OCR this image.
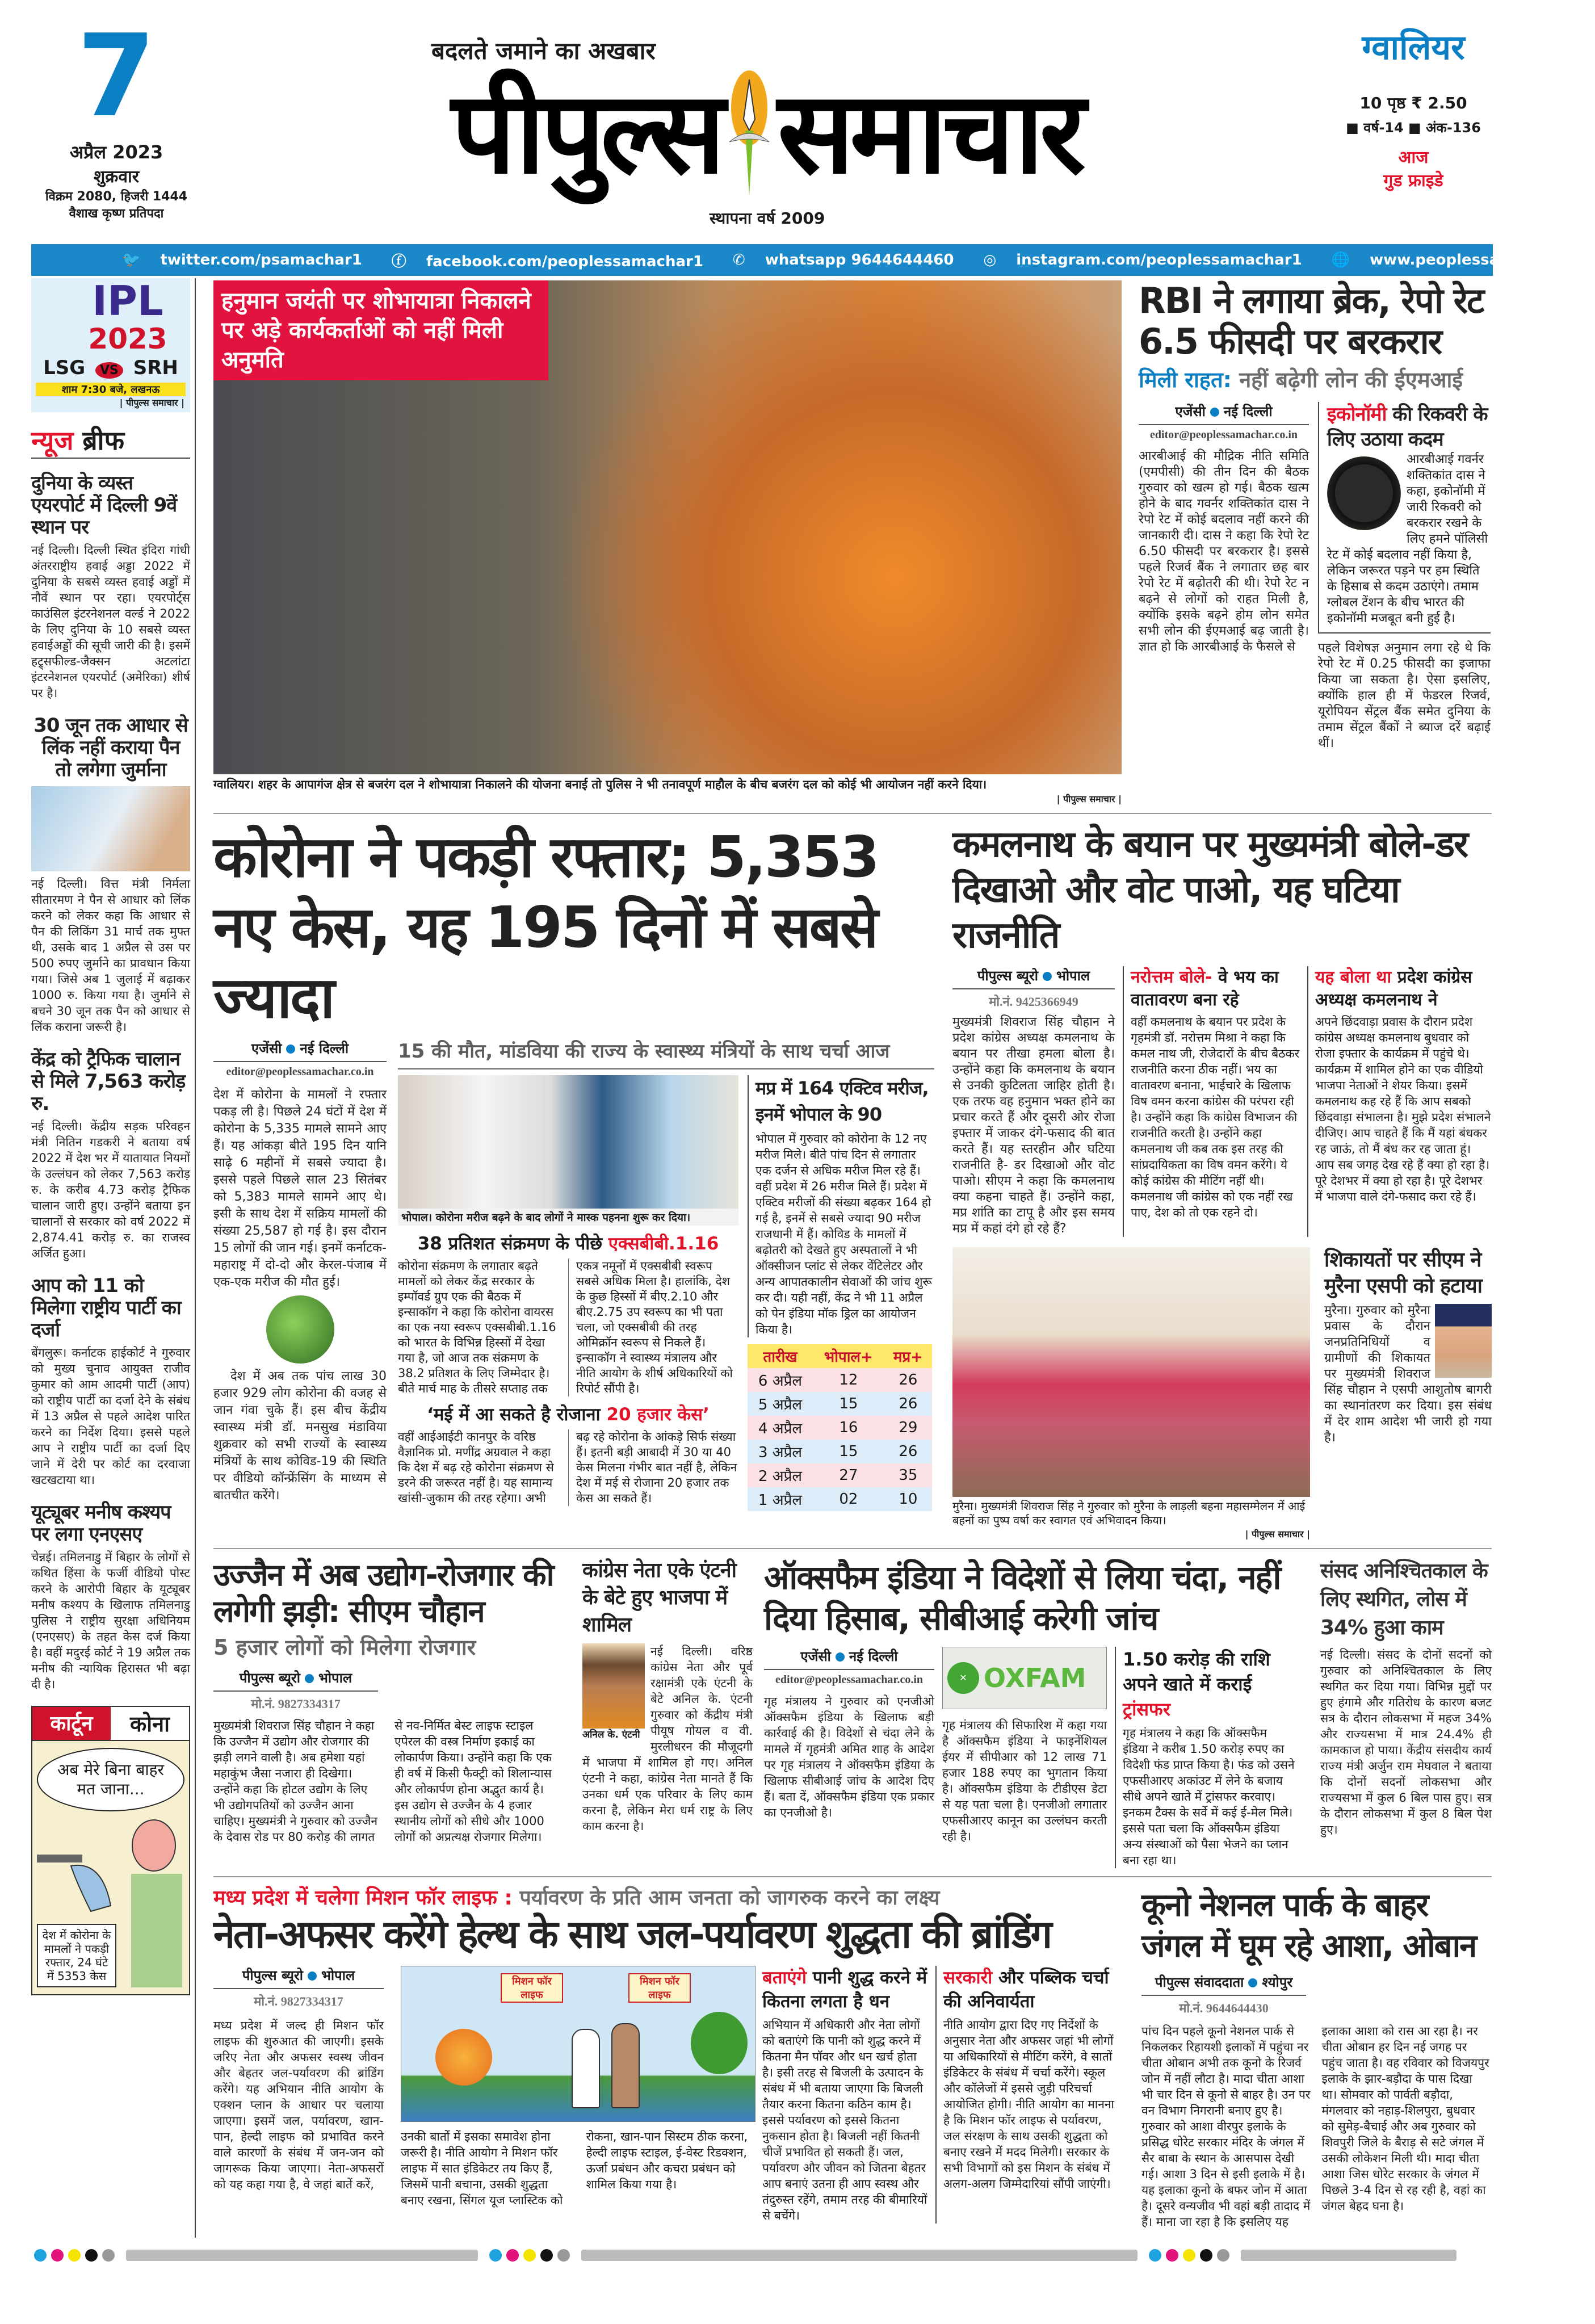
7
अप्रैल 2023
शुक्रवार
विक्रम 2080, हिजरी 1444
वैशाख कृष्ण प्रतिपदा
बदलते जमाने का अखबार
पीपुल्स समाचार
स्थापना वर्ष 2009
ग्वालियर
10 पृष्ठ ₹ 2.50
■ वर्ष-14 ■ अंक-136
आज
गुड फ्राइडे
🐦 twitter.com/psamachar1	ⓕ facebook.com/peoplessamachar1	✆ whatsapp 9644644460	◎ instagram.com/peoplessamachar1	🌐 www.peoplessamachar.in
IPL
2023
LSG VS SRH
शाम 7:30 बजे, लखनऊ
| पीपुल्स समाचार |
न्यूज ब्रीफ
दुनिया के व्यस्त एयरपोर्ट में दिल्ली 9वें स्थान पर
नई दिल्ली। दिल्ली स्थित इंदिरा गांधी अंतरराष्ट्रीय हवाई अड्डा 2022 में दुनिया के सबसे व्यस्त हवाई अड्डों में नौवें स्थान पर रहा। एयरपोर्ट्स काउंसिल इंटरनेशनल वर्ल्ड ने 2022 के लिए दुनिया के 10 सबसे व्यस्त हवाईअड्डों की सूची जारी की है। इसमें हट्र्सफील्ड-जैक्सन अटलांटा इंटरनेशनल एयरपोर्ट (अमेरिका) शीर्ष पर है।
30 जून तक आधार से लिंक नहीं कराया पैन तो लगेगा जुर्माना
नई दिल्ली। वित्त मंत्री निर्मला सीतारमण ने पैन से आधार को लिंक करने को लेकर कहा कि आधार से पैन की लिकिंग 31 मार्च तक मुफ्त थी, उसके बाद 1 अप्रैल से उस पर 500 रुपए जुर्माने का प्रावधान किया गया। जिसे अब 1 जुलाई में बढ़ाकर 1000 रु. किया गया है। जुर्माने से बचने 30 जून तक पैन को आधार से लिंक कराना जरूरी है।
केंद्र को ट्रैफिक चालान से मिले 7,563 करोड़ रु.
नई दिल्ली। केंद्रीय सड़क परिवहन मंत्री नितिन गडकरी ने बताया वर्ष 2022 में देश भर में यातायात नियमों के उल्लंघन को लेकर 7,563 करोड़ रु. के करीब 4.73 करोड़ ट्रैफिक चालान जारी हुए। उन्होंने बताया इन चालानों से सरकार को वर्ष 2022 में 2,874.41 करोड़ रु. का राजस्व अर्जित हुआ।
आप को 11 को मिलेगा राष्ट्रीय पार्टी का दर्जा
बेंगलुरू। कर्नाटक हाईकोर्ट ने गुरुवार को मुख्य चुनाव आयुक्त राजीव कुमार को आम आदमी पार्टी (आप) को राष्ट्रीय पार्टी का दर्जा देने के संबंध में 13 अप्रैल से पहले आदेश पारित करने का निर्देश दिया। इससे पहले आप ने राष्ट्रीय पार्टी का दर्जा दिए जाने में देरी पर कोर्ट का दरवाजा खटखटाया था।
यूट्यूबर मनीष कश्यप पर लगा एनएसए
चेन्नई। तमिलनाडु में बिहार के लोगों से कथित हिंसा के फर्जी वीडियो पोस्ट करने के आरोपी बिहार के यूट्यूबर मनीष कश्यप के खिलाफ तमिलनाडु पुलिस ने राष्ट्रीय सुरक्षा अधिनियम (एनएसए) के तहत केस दर्ज किया है। वहीं मदुरई कोर्ट ने 19 अप्रैल तक मनीष की न्यायिक हिरासत भी बढ़ा दी है।
कार्टून	कोना
अब मेरे बिना बाहर मत जाना...
देश में कोरोना के मामलों ने पकड़ी रफ्तार, 24 घंटे में 5353 केस
हनुमान जयंती पर शोभायात्रा निकालने पर अड़े कार्यकर्ताओं को नहीं मिली अनुमति
ग्वालियर। शहर के आपागंज क्षेत्र से बजरंग दल ने शोभायात्रा निकालने की योजना बनाई तो पुलिस ने भी तनावपूर्ण माहौल के बीच बजरंग दल को कोई भी आयोजन नहीं करने दिया।
| पीपुल्स समाचार |
RBI ने लगाया ब्रेक, रेपो रेट 6.5 फीसदी पर बरकरार
मिली राहत: नहीं बढ़ेगी लोन की ईएमआई
एजेंसी नई दिल्ली
editor@peoplessamachar.co.in
आरबीआई की मौद्रिक नीति समिति (एमपीसी) की तीन दिन की बैठक गुरुवार को खत्म हो गई। बैठक खत्म होने के बाद गवर्नर शक्तिकांत दास ने रेपो रेट में कोई बदलाव नहीं करने की जानकारी दी। दास ने कहा कि रेपो रेट 6.50 फीसदी पर बरकरार है। इससे पहले रिजर्व बैंक ने लगातार छह बार रेपो रेट में बढ़ोतरी की थी। रेपो रेट न बढ़ने से लोगों को राहत मिली है, क्योंकि इसके बढ़ने होम लोन समेत सभी लोन की ईएमआई बढ़ जाती है। ज्ञात हो कि आरबीआई के फैसले से
इकोनॉमी की रिकवरी के लिए उठाया कदम
आरबीआई गवर्नर शक्तिकांत दास ने कहा, इकोनॉमी में जारी रिकवरी को बरकरार रखने के लिए हमने पॉलिसी रेट में कोई बदलाव नहीं किया है, लेकिन जरूरत पड़ने पर हम स्थिति के हिसाब से कदम उठाएंगे। तमाम ग्लोबल टेंशन के बीच भारत की इकोनॉमी मजबूत बनी हुई है।
पहले विशेषज्ञ अनुमान लगा रहे थे कि रेपो रेट में 0.25 फीसदी का इजाफा किया जा सकता है। ऐसा इसलिए, क्योंकि हाल ही में फेडरल रिजर्व, यूरोपियन सेंट्रल बैंक समेत दुनिया के तमाम सेंट्रल बैंकों ने ब्याज दरें बढ़ाई थीं।
कोरोना ने पकड़ी रफ्तार; 5,353 नए केस, यह 195 दिनों में सबसे ज्यादा
एजेंसी नई दिल्ली
editor@peoplessamachar.co.in
देश में कोरोना के मामलों ने रफ्तार पकड़ ली है। पिछले 24 घंटों में देश में कोरोना के 5,335 मामले सामने आए हैं। यह आंकड़ा बीते 195 दिन यानि साढ़े 6 महीनों में सबसे ज्यादा है। इससे पहले पिछले साल 23 सितंबर को 5,383 मामले सामने आए थे। इसी के साथ देश में सक्रिय मामलों की संख्या 25,587 हो गई है। इस दौरान 15 लोगों की जान गई। इनमें कर्नाटक-महाराष्ट्र में दो-दो और केरल-पंजाब में एक-एक मरीज की मौत हुई।
देश में अब तक पांच लाख 30 हजार 929 लोग कोरोना की वजह से जान गंवा चुके हैं। इस बीच केंद्रीय स्वास्थ्य मंत्री डॉ. मनसुख मंडाविया शुक्रवार को सभी राज्यों के स्वास्थ्य मंत्रियों के साथ कोविड-19 की स्थिति पर वीडियो कॉन्फ्रेंसिंग के माध्यम से बातचीत करेंगे।
15 की मौत, मांडविया की राज्य के स्वास्थ्य मंत्रियों के साथ चर्चा आज
भोपाल। कोरोना मरीज बढ़ने के बाद लोगों ने मास्क पहनना शुरू कर दिया।
38 प्रतिशत संक्रमण के पीछे एक्सबीबी.1.16
कोरोना संक्रमण के लगातार बढ़ते मामलों को लेकर केंद्र सरकार के इम्पॉवर्ड ग्रुप एक की बैठक में इन्साकॉग ने कहा कि कोरोना वायरस का एक नया स्वरूप एक्सबीबी.1.16 को भारत के विभिन्न हिस्सों में देखा गया है, जो आज तक संक्रमण के 38.2 प्रतिशत के लिए जिम्मेदार है। बीते मार्च माह के तीसरे सप्ताह तक एकत्र नमूनों में एक्सबीबी स्वरूप सबसे अधिक मिला है। हालांकि, देश के कुछ हिस्सों में बीए.2.10 और बीए.2.75 उप स्वरूप का भी पता चला, जो एक्सबीबी की तरह ओमिक्रॉन स्वरूप से निकले हैं। इन्साकॉग ने स्वास्थ्य मंत्रालय और नीति आयोग के शीर्ष अधिकारियों को रिपोर्ट सौंपी है।
‘मई में आ सकते है रोजाना 20 हजार केस’
वहीं आईआईटी कानपुर के वरिष्ठ वैज्ञानिक प्रो. मणींद्र अग्रवाल ने कहा कि देश में बढ़ रहे कोरोना संक्रमण से डरने की जरूरत नहीं है। यह सामान्य खांसी-जुकाम की तरह रहेगा। अभी बढ़ रहे कोरोना के आंकड़े सिर्फ संख्या हैं। इतनी बड़ी आबादी में 30 या 40 केस मिलना गंभीर बात नहीं है, लेकिन देश में मई से रोजाना 20 हजार तक केस आ सकते हैं।
मप्र में 164 एक्टिव मरीज, इनमें भोपाल के 90
भोपाल में गुरुवार को कोरोना के 12 नए मरीज मिले। बीते पांच दिन से लगातार एक दर्जन से अधिक मरीज मिल रहे हैं। वहीं प्रदेश में 26 मरीज मिले हैं। प्रदेश में एक्टिव मरीजों की संख्या बढ़कर 164 हो गई है, इनमें से सबसे ज्यादा 90 मरीज राजधानी में हैं। कोविड के मामलों में बढ़ोतरी को देखते हुए अस्पतालों ने भी ऑक्सीजन प्लांट से लेकर वेंटिलेटर और अन्य आपातकालीन सेवाओं की जांच शुरू कर दी। यही नहीं, केंद्र ने भी 11 अप्रैल को पेन इंडिया मॉक ड्रिल का आयोजन किया है।
तारीख	भोपाल+	मप्र+
6 अप्रैल	12	26
5 अप्रैल	15	26
4 अप्रैल	16	29
3 अप्रैल	15	26
2 अप्रैल	27	35
1 अप्रैल	02	10
कमलनाथ के बयान पर मुख्यमंत्री बोले-डर दिखाओ और वोट पाओ, यह घटिया राजनीति
पीपुल्स ब्यूरो भोपाल
मो.नं. 9425366949
मुख्यमंत्री शिवराज सिंह चौहान ने प्रदेश कांग्रेस अध्यक्ष कमलनाथ के बयान पर तीखा हमला बोला है। उन्होंने कहा कि कमलनाथ के बयान से उनकी कुटिलता जाहिर होती है। एक तरफ वह हनुमान भक्त होने का प्रचार करते हैं और दूसरी ओर रोजा इफ्तार में जाकर दंगे-फसाद की बात करते हैं। यह स्तरहीन और घटिया राजनीति है- डर दिखाओ और वोट पाओ। सीएम ने कहा कि कमलनाथ क्या कहना चाहते हैं। उन्होंने कहा, मप्र शांति का टापू है और इस समय मप्र में कहां दंगे हो रहे हैं?
नरोत्तम बोले- वे भय का वातावरण बना रहे
वहीं कमलनाथ के बयान पर प्रदेश के गृहमंत्री डॉ. नरोत्तम मिश्रा ने कहा कि कमल नाथ जी, रोजेदारों के बीच बैठकर राजनीति करना ठीक नहीं। भय का वातावरण बनाना, भाईचारे के खिलाफ विष वमन करना कांग्रेस की परंपरा रही है। उन्होंने कहा कि कांग्रेस विभाजन की राजनीति करती है। उन्होंने कहा कमलनाथ जी कब तक इस तरह की सांप्रदायिकता का विष वमन करेंगे। ये कोई कांग्रेस की मीटिंग नहीं थी। कमलनाथ जी कांग्रेस को एक नहीं रख पाए, देश को तो एक रहने दो।
यह बोला था प्रदेश कांग्रेस अध्यक्ष कमलनाथ ने
अपने छिंदवाड़ा प्रवास के दौरान प्रदेश कांग्रेस अध्यक्ष कमलनाथ बुधवार को रोजा इफ्तार के कार्यक्रम में पहुंचे थे। कार्यक्रम में शामिल होने का एक वीडियो भाजपा नेताओं ने शेयर किया। इसमें कमलनाथ कह रहे हैं कि आप सबको छिंदवाड़ा संभालना है। मुझे प्रदेश संभालने दीजिए। आप चाहते हैं कि मैं यहां बंधकर रह जाऊं, तो मैं बंध कर रह जाता हूं। आप सब जगह देख रहे हैं क्या हो रहा है। पूरे देशभर में क्या हो रहा है। पूरे देशभर में भाजपा वाले दंगे-फसाद करा रहे हैं।
मुरैना। मुख्यमंत्री शिवराज सिंह ने गुरुवार को मुरैना के लाड़ली बहना महासम्मेलन में आई बहनों का पुष्प वर्षा कर स्वागत एवं अभिवादन किया।
| पीपुल्स समाचार |
शिकायतों पर सीएम ने मुरैना एसपी को हटाया
मुरैना। गुरुवार को मुरैना प्रवास के दौरान जनप्रतिनिधियों व ग्रामीणों की शिकायत पर मुख्यमंत्री शिवराज सिंह चौहान ने एसपी आशुतोष बागरी का स्थानांतरण कर दिया। इस संबंध में देर शाम आदेश भी जारी हो गया है।
उज्जैन में अब उद्योग-रोजगार की लगेगी झड़ी: सीएम चौहान
5 हजार लोगों को मिलेगा रोजगार
पीपुल्स ब्यूरो भोपाल
मो.नं. 9827334317
मुख्यमंत्री शिवराज सिंह चौहान ने कहा कि उज्जैन में उद्योग और रोजगार की झड़ी लगने वाली है। अब हमेशा यहां महाकुंभ जैसा नजारा ही दिखेगा। उन्होंने कहा कि होटल उद्योग के लिए भी उद्योगपतियों को उज्जैन आना चाहिए। मुख्यमंत्री ने गुरुवार को उज्जैन के देवास रोड पर 80 करोड़ की लागत से नव-निर्मित बेस्ट लाइफ स्टाइल एपेरल की वस्त्र निर्माण इकाई का लोकार्पण किया। उन्होंने कहा कि एक ही वर्ष में किसी फैक्ट्री को शिलान्यास और लोकार्पण होना अद्भुत कार्य है। इस उद्योग से उज्जैन के 4 हजार स्थानीय लोगों को सीधे और 1000 लोगों को अप्रत्यक्ष रोजगार मिलेगा।
कांग्रेस नेता एके एंटनी के बेटे हुए भाजपा में शामिल
अनिल के. एंटनी
नई दिल्ली। वरिष्ठ कांग्रेस नेता और पूर्व रक्षामंत्री एके एंटनी के बेटे अनिल के. एंटनी गुरुवार को केंद्रीय मंत्री पीयूष गोयल व वी. मुरलीधरन की मौजूदगी में भाजपा में शामिल हो गए। अनिल एंटनी ने कहा, कांग्रेस नेता मानते हैं कि उनका धर्म एक परिवार के लिए काम करना है, लेकिन मेरा धर्म राष्ट्र के लिए काम करना है।
ऑक्सफैम इंडिया ने विदेशों से लिया चंदा, नहीं दिया हिसाब, सीबीआई करेगी जांच
एजेंसी नई दिल्ली
editor@peoplessamachar.co.in
गृह मंत्रालय ने गुरुवार को एनजीओ ऑक्सफैम इंडिया के खिलाफ बड़ी कार्रवाई की है। विदेशों से चंदा लेने के मामले में गृहमंत्री अमित शाह के आदेश पर गृह मंत्रालय ने ऑक्सफैम इंडिया के खिलाफ सीबीआई जांच के आदेश दिए हैं। बता दें, ऑक्सफैम इंडिया एक प्रकार का एनजीओ है।
✕ OXFAM
गृह मंत्रालय की सिफारिश में कहा गया है ऑक्सफैम इंडिया ने फाइनेंशियल ईयर में सीपीआर को 12 लाख 71 हजार 188 रुपए का भुगतान किया है। ऑक्सफैम इंडिया के टीडीएस डेटा से यह पता चला है। एनजीओ लगातार एफसीआरए कानून का उल्लंघन करती रही है।
1.50 करोड़ की राशि अपने खाते में कराई ट्रांसफर
गृह मंत्रालय ने कहा कि ऑक्सफैम इंडिया ने करीब 1.50 करोड़ रुपए का विदेशी फंड प्राप्त किया है। फंड को उसने एफसीआरए अकांउट में लेने के बजाय सीधे अपने खाते में ट्रांसफर करवाए। इनकम टैक्स के सर्वे में कई ई-मेल मिले। इससे पता चला कि ऑक्सफैम इंडिया अन्य संस्थाओं को पैसा भेजने का प्लान बना रहा था।
संसद अनिश्चितकाल के लिए स्थगित, लोस में 34% हुआ काम
नई दिल्ली। संसद के दोनों सदनों को गुरुवार को अनिश्चितकाल के लिए स्थगित कर दिया गया। विभिन्न मुद्दों पर हुए हंगामे और गतिरोध के कारण बजट सत्र के दौरान लोकसभा में महज 34% और राज्यसभा में मात्र 24.4% ही कामकाज हो पाया। केंद्रीय संसदीय कार्य राज्य मंत्री अर्जुन राम मेघवाल ने बताया कि दोनों सदनों लोकसभा और राज्यसभा में कुल 6 बिल पास हुए। सत्र के दौरान लोकसभा में कुल 8 बिल पेश हुए।
मध्य प्रदेश में चलेगा मिशन फॉर लाइफ : पर्यावरण के प्रति आम जनता को जागरुक करने का लक्ष्य
नेता-अफसर करेंगे हेल्थ के साथ जल-पर्यावरण शुद्धता की ब्रांडिंग
पीपुल्स ब्यूरो भोपाल
मो.नं. 9827334317
मध्य प्रदेश में जल्द ही मिशन फॉर लाइफ की शुरुआत की जाएगी। इसके जरिए नेता और अफसर स्वस्थ जीवन और बेहतर जल-पर्यावरण की ब्रांडिंग करेंगे। यह अभियान नीति आयोग के एक्शन प्लान के आधार पर चलाया जाएगा। इसमें जल, पर्यावरण, खान-पान, हेल्दी लाइफ को प्रभावित करने वाले कारणों के संबंध में जन-जन को जागरूक किया जाएगा। नेता-अफसरों को यह कहा गया है, वे जहां बातें करें,
मिशन फॉर लाइफ
मिशन फॉर लाइफ
उनकी बातों में इसका समावेश होना जरूरी है। नीति आयोग ने मिशन फॉर लाइफ में सात इंडिकेटर तय किए हैं, जिसमें पानी बचाना, उसकी शुद्धता बनाए रखना, सिंगल यूज प्लास्टिक को रोकना, खान-पान सिस्टम ठीक करना, हेल्दी लाइफ स्टाइल, ई-वेस्ट रिडक्शन, ऊर्जा प्रबंधन और कचरा प्रबंधन को शामिल किया गया है।
बताएंगे पानी शुद्ध करने में कितना लगता है धन
अभियान में अधिकारी और नेता लोगों को बताएंगे कि पानी को शुद्ध करने में कितना मैन पॉवर और धन खर्च होता है। इसी तरह से बिजली के उत्पादन के संबंध में भी बताया जाएगा कि बिजली तैयार करना कितना कठिन काम है। इससे पर्यावरण को इससे कितना नुकसान होता है। बिजली नहीं कितनी चीजें प्रभावित हो सकती हैं। जल, पर्यावरण और जीवन को जितना बेहतर आप बनाएं उतना ही आप स्वस्थ और तंदुरुस्त रहेंगे, तमाम तरह की बीमारियों से बचेंगे।
सरकारी और पब्लिक चर्चा की अनिवार्यता
नीति आयोग द्वारा दिए गए निर्देशों के अनुसार नेता और अफसर जहां भी लोगों या अधिकारियों से मीटिंग करेंगे, वे सातों इंडिकेटर के संबंध में चर्चा करेंगे। स्कूल और कॉलेजों में इससे जुड़ी परिचर्चा आयोजित होगी। नीति आयोग का मानना है कि मिशन फॉर लाइफ से पर्यावरण, जल संरक्षण के साथ उसकी शुद्धता को बनाए रखने में मदद मिलेगी। सरकार के सभी विभागों को इस मिशन के संबंध में अलग-अलग जिम्मेदारियां सौंपी जाएंगी।
कूनो नेशनल पार्क के बाहर जंगल में घूम रहे आशा, ओबान
पीपुल्स संवाददाता श्योपुर
मो.नं. 9644644430
पांच दिन पहले कूनो नेशनल पार्क से निकलकर रिहायशी इलाकों में पहुंचा नर चीता ओबान अभी तक कूनो के रिजर्व जोन में नहीं लौटा है। मादा चीता आशा भी चार दिन से कूनो से बाहर है। उन पर वन विभाग निगरानी बनाए हुए है। गुरुवार को आशा वीरपुर इलाके के प्रसिद्ध धोरेट सरकार मंदिर के जंगल में सैर बाबा के स्थान के आसपास देखी गई। आशा 3 दिन से इसी इलाके में है। यह इलाका कूनो के बफर जोन में आता है। दूसरे वन्यजीव भी वहां बड़ी तादाद में हैं। माना जा रहा है कि इसलिए यह इलाका आशा को रास आ रहा है। नर चीता ओबान हर दिन नई जगह पर पहुंच जाता है। वह रविवार को विजयपुर इलाके के झार-बड़ौदा के पास दिखा था। सोमवार को पार्वती बड़ौदा, मंगलवार को नहाड़-शिलपुरा, बुधवार को सुमेड़-बैचाई और अब गुरुवार को शिवपुरी जिले के बैराड़ से सटे जंगल में उसकी लोकेशन मिली थी। मादा चीता आशा जिस धोरेट सरकार के जंगल में पिछले 3-4 दिन से रह रही है, वहां का जंगल बेहद घना है।
